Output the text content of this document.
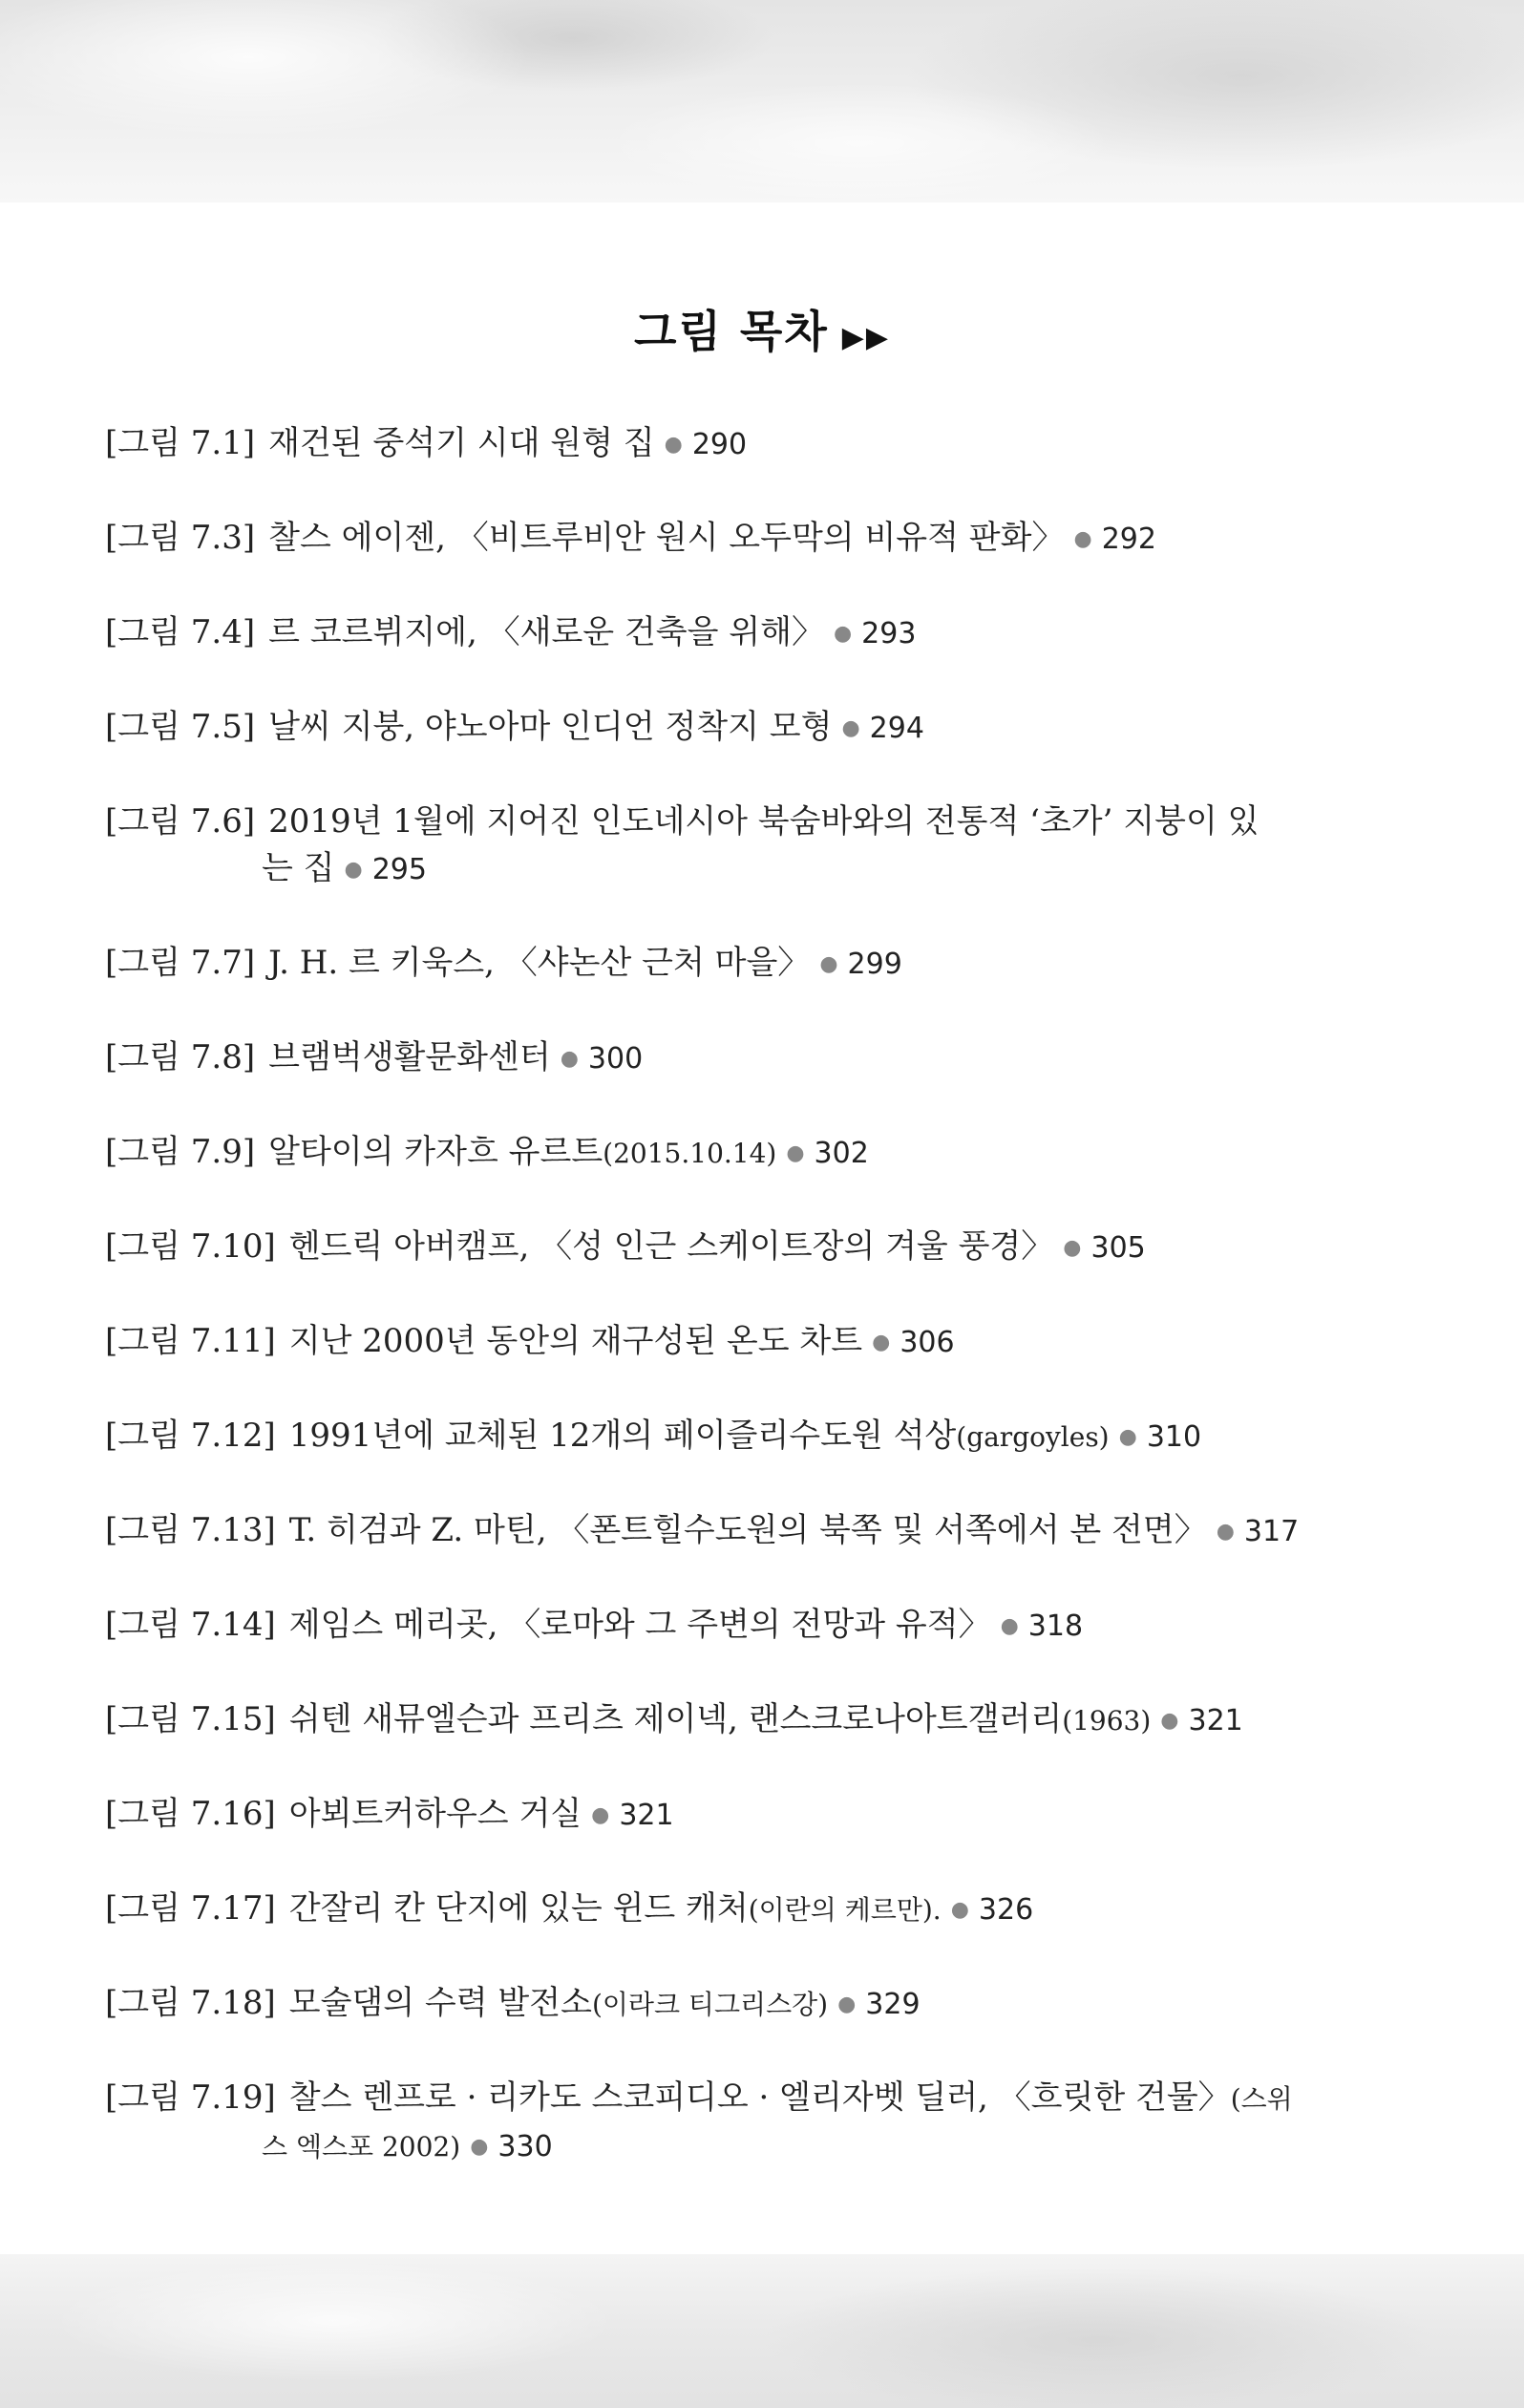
그림 목차 ▶▶
[그림 7.1] 재건된 중석기 시대 원형 집 ● 290
[그림 7.3] 찰스 에이젠, 〈비트루비안 원시 오두막의 비유적 판화〉 ● 292
[그림 7.4] 르 코르뷔지에, 〈새로운 건축을 위해〉 ● 293
[그림 7.5] 날씨 지붕, 야노아마 인디언 정착지 모형 ● 294
[그림 7.6] 2019년 1월에 지어진 인도네시아 북숨바와의 전통적 ‘초가’ 지붕이 있
는 집 ● 295
[그림 7.7] J. H. 르 키욱스, 〈샤논산 근처 마을〉 ● 299
[그림 7.8] 브램벅생활문화센터 ● 300
[그림 7.9] 알타이의 카자흐 유르트(2015.10.14) ● 302
[그림 7.10] 헨드릭 아버캠프, 〈성 인근 스케이트장의 겨울 풍경〉 ● 305
[그림 7.11] 지난 2000년 동안의 재구성된 온도 차트 ● 306
[그림 7.12] 1991년에 교체된 12개의 페이즐리수도원 석상(gargoyles) ● 310
[그림 7.13] T. 히검과 Z. 마틴, 〈폰트힐수도원의 북쪽 및 서쪽에서 본 전면〉 ● 317
[그림 7.14] 제임스 메리곳, 〈로마와 그 주변의 전망과 유적〉 ● 318
[그림 7.15] 쉬텐 새뮤엘슨과 프리츠 제이넥, 랜스크로나아트갤러리(1963) ● 321
[그림 7.16] 아뵈트커하우스 거실 ● 321
[그림 7.17] 간잘리 칸 단지에 있는 윈드 캐처(이란의 케르만). ● 326
[그림 7.18] 모술댐의 수력 발전소(이라크 티그리스강) ● 329
[그림 7.19] 찰스 렌프로 · 리카도 스코피디오 · 엘리자벳 딜러, 〈흐릿한 건물〉(스위
스 엑스포 2002) ● 330
